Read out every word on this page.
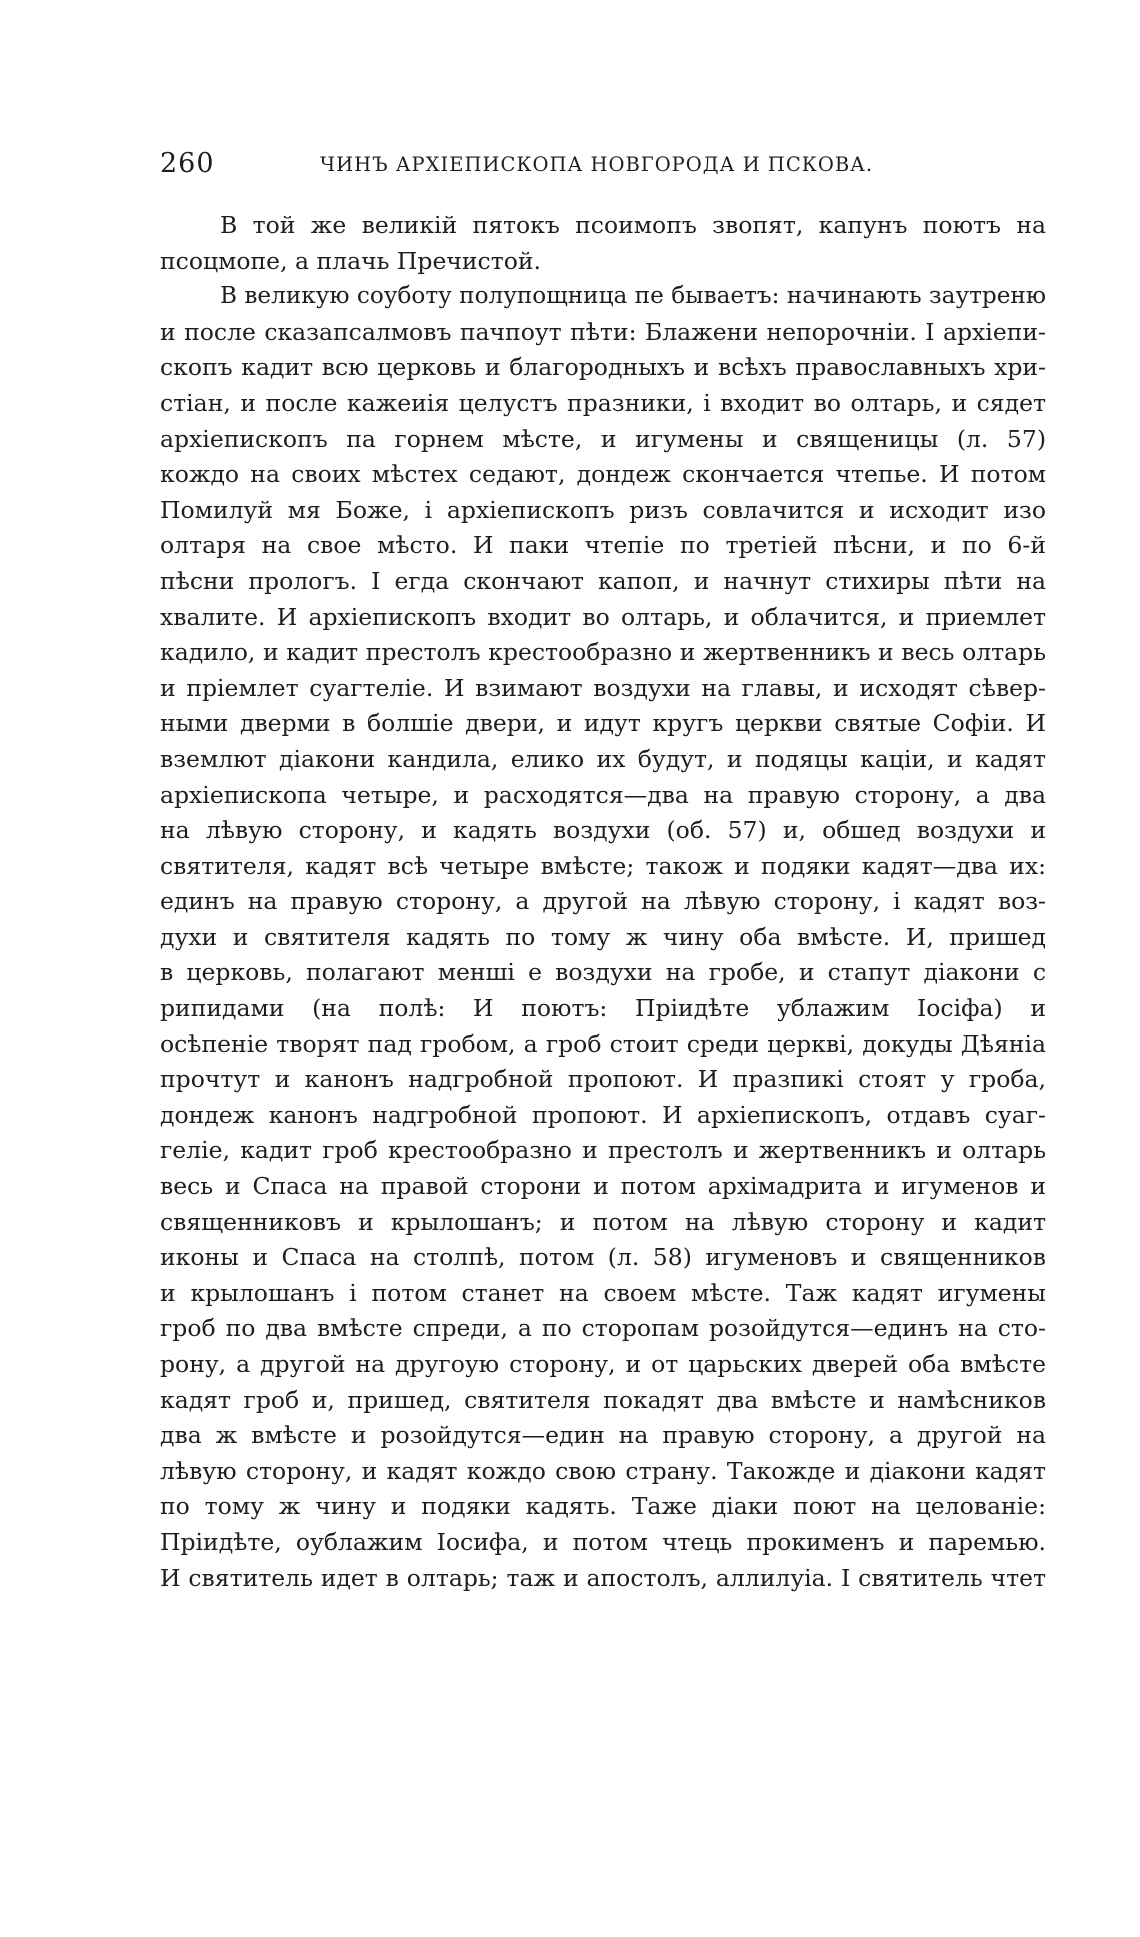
260	ЧИНЪ АРХІЕПИСКОПА НОВГОРОДА И ПСКОВА.
В той же великій пятокъ псоимопъ звопят, капунъ поютъ на
псоцмопе, а плачь Пречистой.
В великую соуботу полупощница пе бываетъ: начинають заутреню
и после сказапсалмовъ пачпоут пѣти: Блажени непорочніи. І архіепи-
скопъ кадит всю церковь и благородныхъ и всѣхъ православныхъ хри-
стіан, и после кажеиія целустъ празники, і входит во олтарь, и сядет
архіепископъ па горнем мѣсте, и игумены и священицы (л. 57)
кождо на своих мѣстех седают, дондеж скончается чтепье. И потом
Помилуй мя Боже, і архіепископъ ризъ совлачится и исходит изо
олтаря на свое мѣсто. И паки чтепіе по третіей пѣсни, и по 6-й
пѣсни прологъ. І егда скончают капоп, и начнут стихиры пѣти на
хвалите. И архіепископъ входит во олтарь, и облачится, и приемлет
кадило, и кадит престолъ крестообразно и жертвенникъ и весь олтарь
и пріемлет суагтеліе. И взимают воздухи на главы, и исходят сѣвер-
ными дверми в болшіе двери, и идут кругъ церкви святые Софіи. И
вземлют діакони кандила, елико их будут, и подяцы каціи, и кадят
архіепископа четыре, и расходятся—два на правую сторону, а два
на лѣвую сторону, и кадять воздухи (об. 57) и, обшед воздухи и
святителя, кадят всѣ четыре вмѣсте; також и подяки кадят—два их:
единъ на правую сторону, а другой на лѣвую сторону, і кадят воз-
духи и святителя кадять по тому ж чину оба вмѣсте. И, пришед
в церковь, полагают менші е воздухи на гробе, и стапут діакони с
рипидами (на полѣ: И поютъ: Пріидѣте ублажим Іосіфа) и
осѣпеніе творят пад гробом, а гроб стоит среди церкві, докуды Дѣяніа
прочтут и канонъ надгробной пропоют. И празпикі стоят у гроба,
дондеж канонъ надгробной пропоют. И архіепископъ, отдавъ суаг-
геліе, кадит гроб крестообразно и престолъ и жертвенникъ и олтарь
весь и Спаса на правой сторони и потом архімадрита и игуменов и
священниковъ и крылошанъ; и потом на лѣвую сторону и кадит
иконы и Спаса на столпѣ, потом (л. 58) игуменовъ и священников
и крылошанъ і потом станет на своем мѣсте. Таж кадят игумены
гроб по два вмѣсте спреди, а по сторопам розойдутся—единъ на сто-
рону, а другой на другоую сторону, и от царьских дверей оба вмѣсте
кадят гроб и, пришед, святителя покадят два вмѣсте и намѣсников
два ж вмѣсте и розойдутся—един на правую сторону, а другой на
лѣвую сторону, и кадят кождо свою страну. Такожде и діакони кадят
по тому ж чину и подяки кадять. Таже діаки поют на целованіе:
Пріидѣте, оублажим Іосифа, и потом чтець прокименъ и паремью.
И святитель идет в олтарь; таж и апостолъ, аллилуіа. І святитель чтет
